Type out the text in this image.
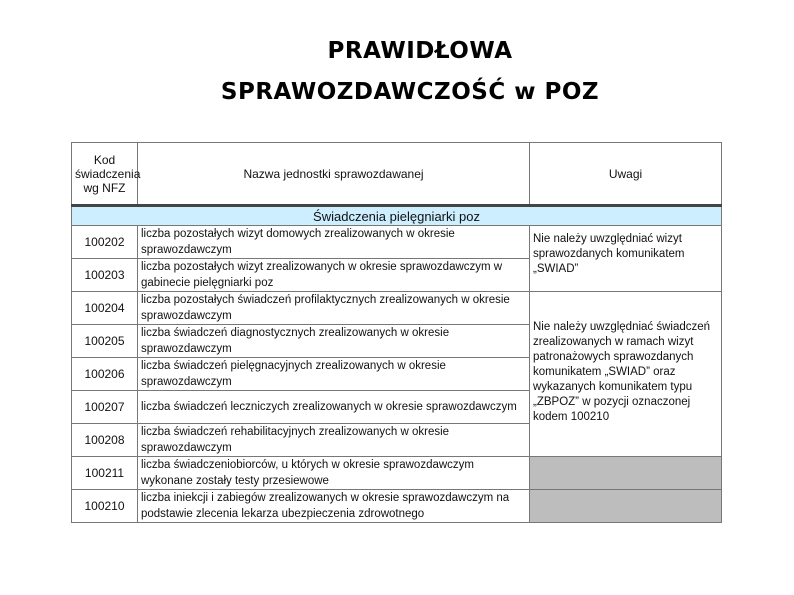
PRAWIDŁOWA
SPRAWOZDAWCZOŚĆ w POZ
Kod świadczenia wg NFZ	Nazwa jednostki sprawozdawanej	Uwagi
Świadczenia pielęgniarki poz		
100202	liczba pozostałych wizyt domowych zrealizowanych w okresie sprawozdawczym	Nie należy uwzględniać wizyt sprawozdanych komunikatem „SWIAD”
100203	liczba pozostałych wizyt zrealizowanych w okresie sprawozdawczym w gabinecie pielęgniarki poz	
100204	liczba pozostałych świadczeń profilaktycznych zrealizowanych w okresie sprawozdawczym	Nie należy uwzględniać świadczeń zrealizowanych w ramach wizyt patronażowych sprawozdanych komunikatem „SWIAD” oraz wykazanych komunikatem typu „ZBPOZ” w pozycji oznaczonej kodem 100210
100205	liczba świadczeń diagnostycznych zrealizowanych w okresie sprawozdawczym	
100206	liczba świadczeń pielęgnacyjnych zrealizowanych w okresie sprawozdawczym	
100207	liczba świadczeń leczniczych zrealizowanych w okresie sprawozdawczym	
100208	liczba świadczeń rehabilitacyjnych zrealizowanych w okresie sprawozdawczym	
100211	liczba świadczeniobiorców, u których w okresie sprawozdawczym wykonane zostały testy przesiewowe	
100210	liczba iniekcji i zabiegów zrealizowanych w okresie sprawozdawczym na podstawie zlecenia lekarza ubezpieczenia zdrowotnego	
